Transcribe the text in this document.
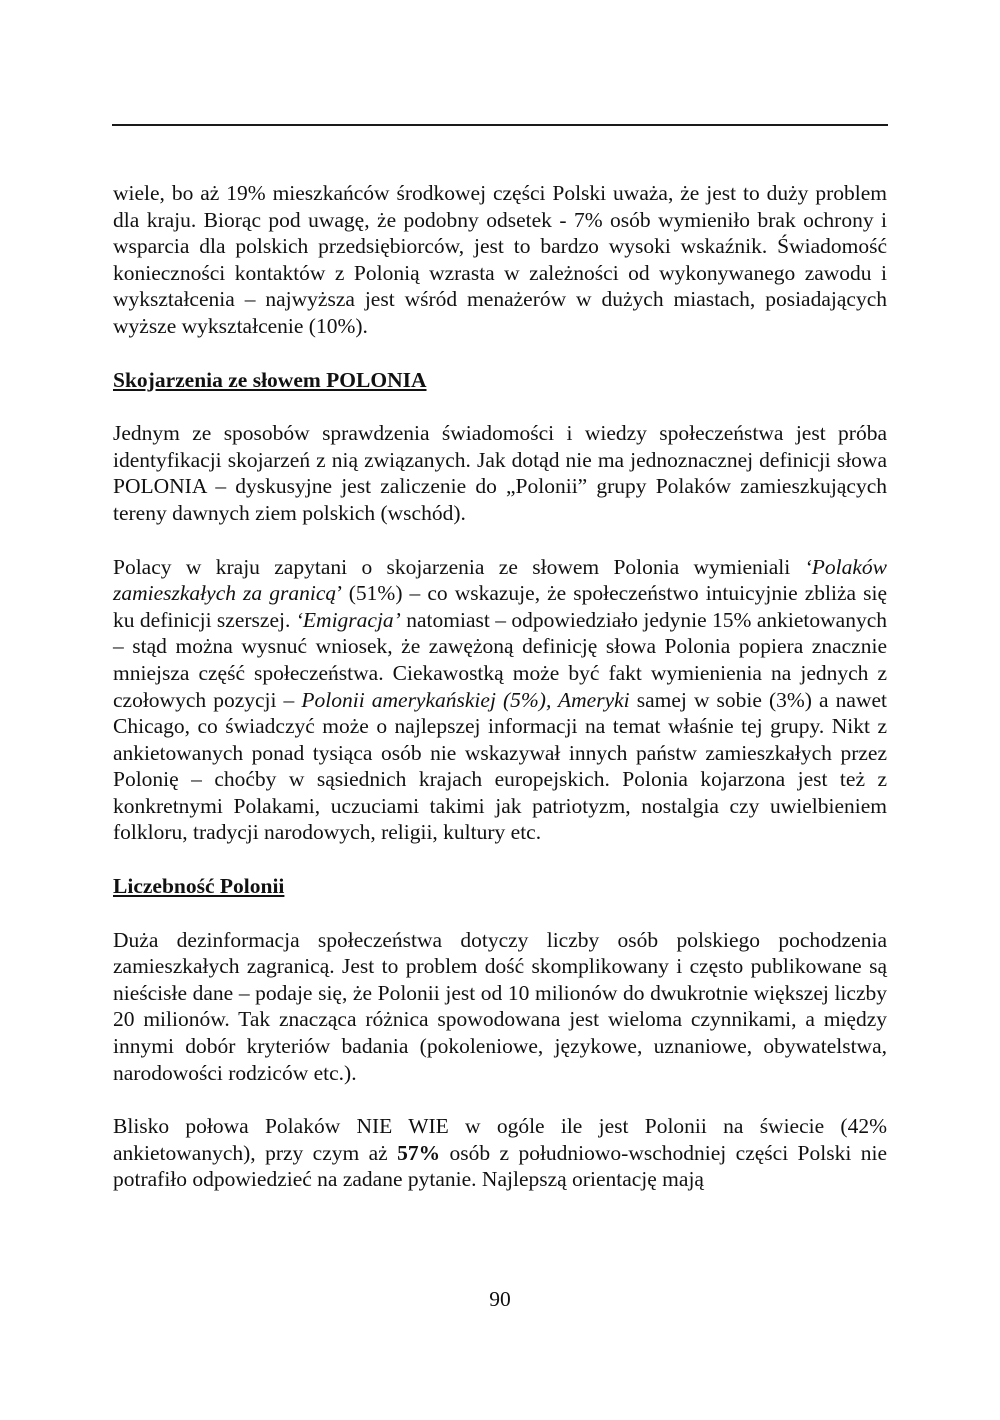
wiele, bo aż 19% mieszkańców środkowej części Polski uważa, że jest to duży problem dla kraju. Biorąc pod uwagę, że podobny odsetek - 7% osób wymieniło brak ochrony i wsparcia dla polskich przedsiębiorców, jest to bardzo wysoki wskaźnik. Świadomość konieczności kontaktów z Polonią wzrasta w zależności od wykonywanego zawodu i wykształcenia – najwyższa jest wśród menażerów w dużych miastach, posiadających wyższe wykształcenie (10%).

Skojarzenia ze słowem POLONIA

Jednym ze sposobów sprawdzenia świadomości i wiedzy społeczeństwa jest próba identyfikacji skojarzeń z nią związanych. Jak dotąd nie ma jednoznacznej definicji słowa POLONIA – dyskusyjne jest zaliczenie do „Polonii” grupy Polaków zamieszkujących tereny dawnych ziem polskich (wschód).

Polacy w kraju zapytani o skojarzenia ze słowem Polonia wymieniali ‘Polaków zamieszkałych za granicą’ (51%) – co wskazuje, że społeczeństwo intuicyjnie zbliża się ku definicji szerszej. ‘Emigracja’ natomiast – odpowiedziało jedynie 15% ankietowanych – stąd można wysnuć wniosek, że zawężoną definicję słowa Polonia popiera znacznie mniejsza część społeczeństwa. Ciekawostką może być fakt wymienienia na jednych z czołowych pozycji – Polonii amerykańskiej (5%), Ameryki samej w sobie (3%) a nawet Chicago, co świadczyć może o najlepszej informacji na temat właśnie tej grupy. Nikt z ankietowanych ponad tysiąca osób nie wskazywał innych państw zamieszkałych przez Polonię – choćby w sąsiednich krajach europejskich. Polonia kojarzona jest też z konkretnymi Polakami, uczuciami takimi jak patriotyzm, nostalgia czy uwielbieniem folkloru, tradycji narodowych, religii, kultury etc.

Liczebność Polonii

Duża dezinformacja społeczeństwa dotyczy liczby osób polskiego pochodzenia zamieszkałych zagranicą. Jest to problem dość skomplikowany i często publikowane są nieścisłe dane – podaje się, że Polonii jest od 10 milionów do dwukrotnie większej liczby 20 milionów. Tak znacząca różnica spowodowana jest wieloma czynnikami, a między innymi dobór kryteriów badania (pokoleniowe, językowe, uznaniowe, obywatelstwa, narodowości rodziców etc.).

Blisko połowa Polaków NIE WIE w ogóle ile jest Polonii na świecie (42% ankietowanych), przy czym aż 57% osób z południowo-wschodniej części Polski nie potrafiło odpowiedzieć na zadane pytanie. Najlepszą orientację mają

90
